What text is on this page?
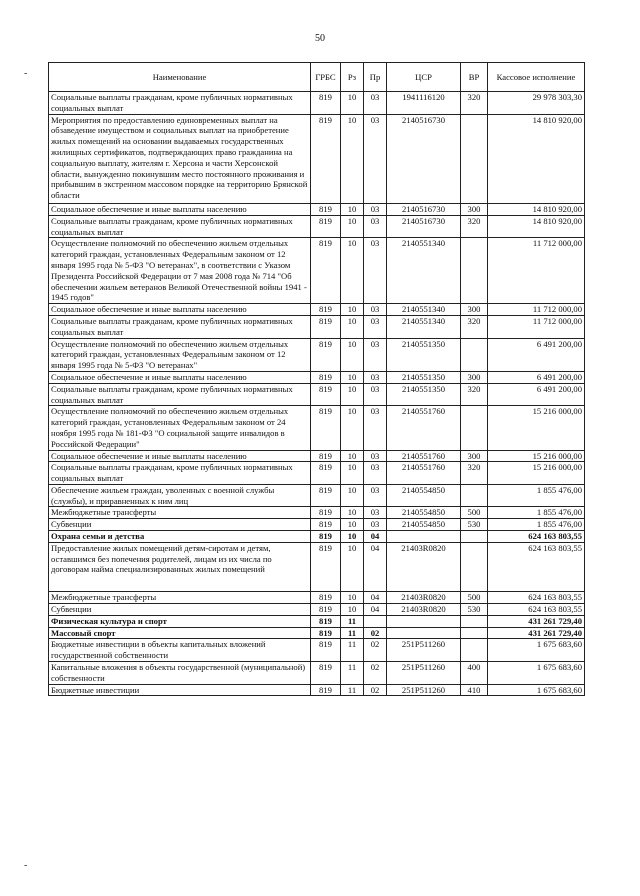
50
-
-
Наименование	ГРБС	Рз	Пр	ЦСР	ВР	Кассовое исполнение
Социальные выплаты гражданам, кроме публичных нормативных социальных выплат	819	10	03	1941116120	320	29 978 303,30
Мероприятия по предоставлению единовременных выплат на обзаведение имуществом и социальных выплат на приобретение жилых помещений на основании выдаваемых государственных жилищных сертификатов, подтверждающих право гражданина на социальную выплату, жителям г. Херсона и части Херсонской области, вынужденно покинувшим место постоянного проживания и прибывшим в экстренном массовом порядке на территорию Брянской области	819	10	03	2140516730		14 810 920,00
Социальное обеспечение и иные выплаты населению	819	10	03	2140516730	300	14 810 920,00
Социальные выплаты гражданам, кроме публичных нормативных социальных выплат	819	10	03	2140516730	320	14 810 920,00
Осуществление полномочий по обеспечению жильем отдельных категорий граждан, установленных Федеральным законом от 12 января 1995 года № 5-ФЗ "О ветеранах", в соответствии с Указом Президента Российской Федерации от 7 мая 2008 года № 714 "Об обеспечении жильем ветеранов Великой Отечественной войны 1941 - 1945 годов"	819	10	03	2140551340		11 712 000,00
Социальное обеспечение и иные выплаты населению	819	10	03	2140551340	300	11 712 000,00
Социальные выплаты гражданам, кроме публичных нормативных социальных выплат	819	10	03	2140551340	320	11 712 000,00
Осуществление полномочий по обеспечению жильем отдельных категорий граждан, установленных Федеральным законом от 12 января 1995 года № 5-ФЗ "О ветеранах"	819	10	03	2140551350		6 491 200,00
Социальное обеспечение и иные выплаты населению	819	10	03	2140551350	300	6 491 200,00
Социальные выплаты гражданам, кроме публичных нормативных социальных выплат	819	10	03	2140551350	320	6 491 200,00
Осуществление полномочий по обеспечению жильем отдельных категорий граждан, установленных Федеральным законом от 24 ноября 1995 года № 181-ФЗ "О социальной защите инвалидов в Российской Федерации"	819	10	03	2140551760		15 216 000,00
Социальное обеспечение и иные выплаты населению	819	10	03	2140551760	300	15 216 000,00
Социальные выплаты гражданам, кроме публичных нормативных социальных выплат	819	10	03	2140551760	320	15 216 000,00
Обеспечение жильем граждан, уволенных с военной службы (службы), и приравненных к ним лиц	819	10	03	2140554850		1 855 476,00
Межбюджетные трансферты	819	10	03	2140554850	500	1 855 476,00
Субвенции	819	10	03	2140554850	530	1 855 476,00
Охрана семьи и детства	819	10	04			624 163 803,55
Предоставление жилых помещений детям-сиротам и детям, оставшимся без попечения родителей, лицам из их числа по договорам найма специализированных жилых помещений	819	10	04	21403R0820		624 163 803,55
Межбюджетные трансферты	819	10	04	21403R0820	500	624 163 803,55
Субвенции	819	10	04	21403R0820	530	624 163 803,55
Физическая культура и спорт	819	11				431 261 729,40
Массовый спорт	819	11	02			431 261 729,40
Бюджетные инвестиции в объекты капитальных вложений государственной собственности	819	11	02	251P511260		1 675 683,60
Капитальные вложения в объекты государственной (муниципальной) собственности	819	11	02	251P511260	400	1 675 683,60
Бюджетные инвестиции	819	11	02	251P511260	410	1 675 683,60
